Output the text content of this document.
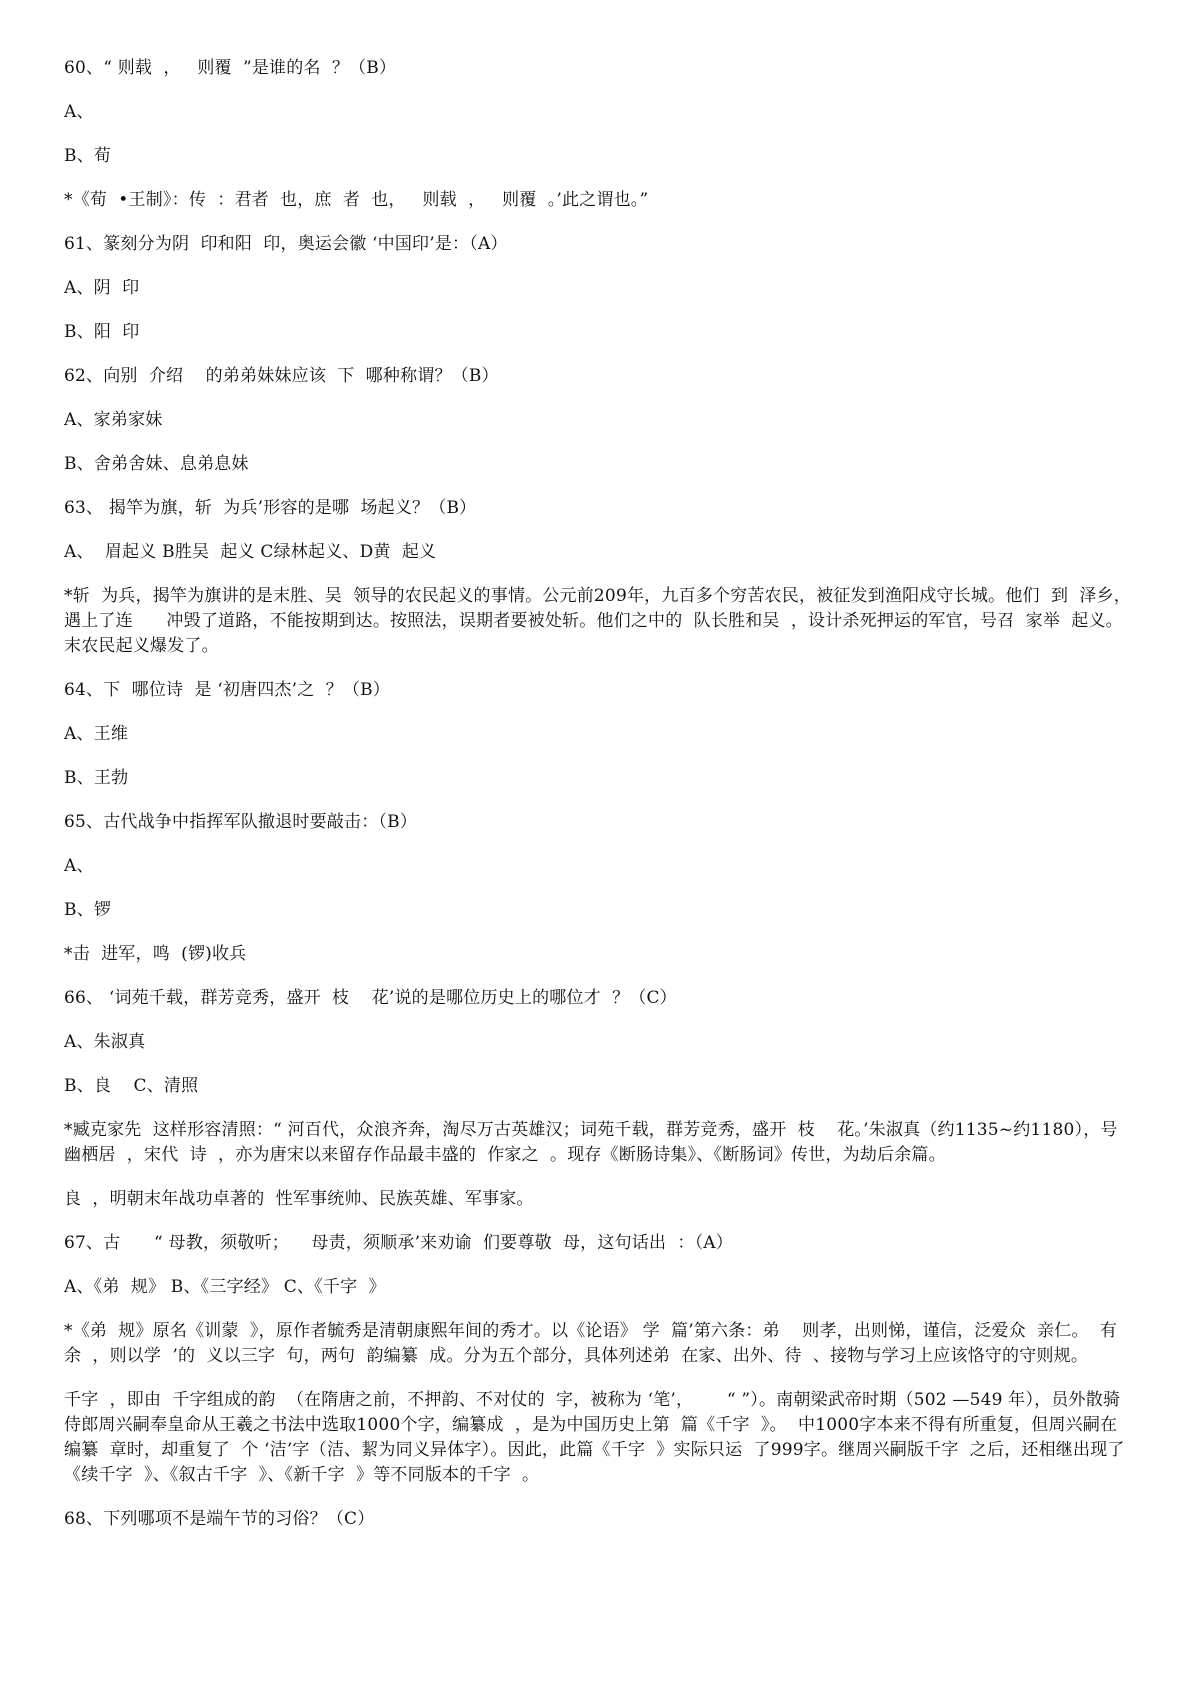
60、“ 则载  ，   则覆  ”是谁的名  ？（B）

A、

B、荀

*《荀  •王制》：传  ：君者  也，庶  者  也，   则载  ，   则覆  。’此之谓也。”

61、篆刻分为阴  印和阳  印，奥运会徽 ‘中国印’是：（A）

A、阴  印

B、阳  印

62、向别  介绍    的弟弟妹妹应该  下  哪种称谓？（B）

A、家弟家妹

B、舍弟舍妹、息弟息妹

63、 揭竿为旗，斩  为兵’形容的是哪  场起义？（B）

A、  眉起义 B胜吴  起义 C绿林起义、D黄  起义

*斩  为兵，揭竿为旗讲的是末胜、吴  领导的农民起义的事情。公元前209年，九百多个穷苦农民，被征发到渔阳戍守长城。他们  到  泽乡，遇上了连      冲毁了道路，不能按期到达。按照法，误期者要被处斩。他们之中的  队长胜和吴  ，设计杀死押运的军官，号召  家举  起义。末农民起义爆发了。

64、下  哪位诗  是 ‘初唐四杰’之  ？（B）

A、王维

B、王勃

65、古代战争中指挥军队撤退时要敲击：（B）

A、

B、锣

*击  进军，鸣  (锣)收兵

66、 ‘词苑千载，群芳竞秀，盛开  枝    花’说的是哪位历史上的哪位才  ？（C）

A、朱淑真

B、良    C、清照

*臧克家先  这样形容清照：“ 河百代，众浪齐奔，淘尽万古英雄汉；词苑千载，群芳竞秀，盛开  枝    花。’朱淑真（约1135~约1180），号幽栖居  ，宋代  诗  ，亦为唐宋以来留存作品最丰盛的  作家之  。现存《断肠诗集》、《断肠词》传世，为劫后余篇。

良  ，明朝末年战功卓著的  性军事统帅、民族英雄、军事家。

67、古      “ 母教，须敬听；    母责，须顺承’来劝谕  们要尊敬  母，这句话出  ：（A）

A、《弟  规》 B、《三字经》 C、《千字  》

*《弟  规》原名《训蒙  》，原作者毓秀是清朝康熙年间的秀才。以《论语》 学  篇’第六条：弟    则孝，出则悌，谨信，泛爱众  亲仁。  有余  ，则以学  ’的  义以三字  句，两句  韵编纂  成。分为五个部分，具体列述弟  在家、出外、待  、接物与学习上应该恪守的守则规。

千字  ，即由  千字组成的韵  （在隋唐之前，不押韵、不对仗的  字，被称为 ‘笔’，      “ ”）。南朝梁武帝时期（502 —549 年），员外散骑侍郎周兴嗣奉皇命从王羲之书法中选取1000个字，编纂成  ，是为中国历史上第  篇《千字  》。  中1000字本来不得有所重复，但周兴嗣在编纂  章时，却重复了  个 ‘洁’字（洁、絜为同义异体字）。因此，此篇《千字  》实际只运  了999字。继周兴嗣版千字  之后，还相继出现了《续千字  》、《叙古千字  》、《新千字  》等不同版本的千字  。

68、下列哪项不是端午节的习俗？（C）
